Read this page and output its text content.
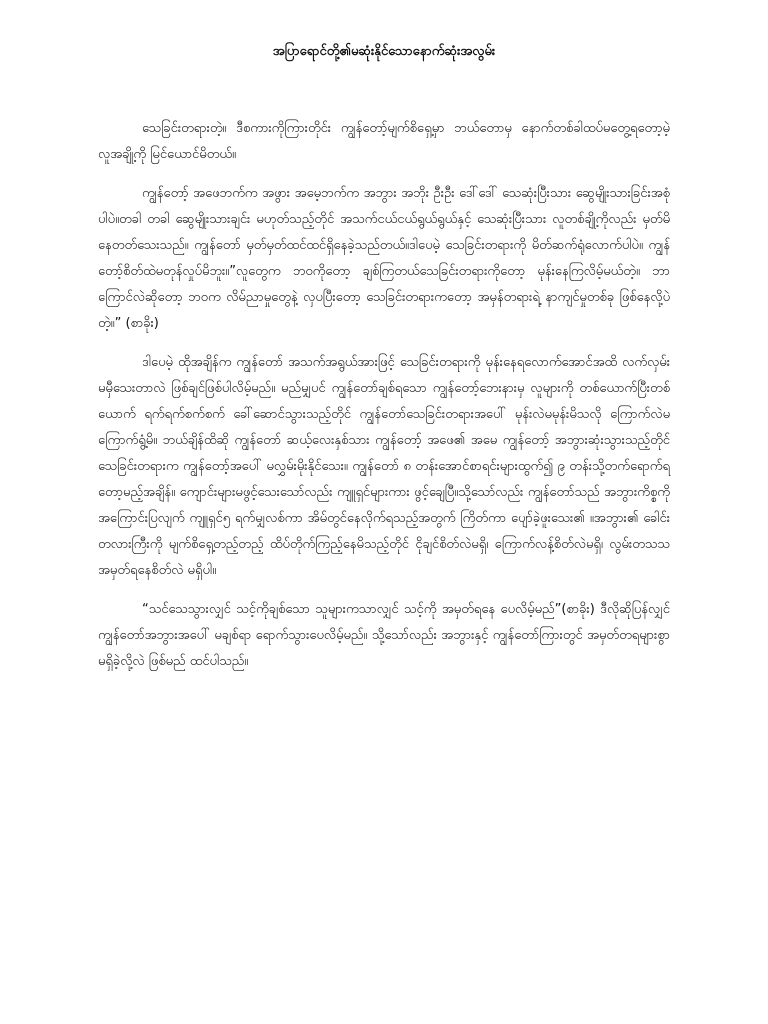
အပြာရောင်တို့၏မဆုံးနိုင်သောနောက်ဆုံးအလွမ်း

သေခြင်းတရားတဲ့။ ဒီစကားကိုကြားတိုင်း ကျွန်တော့်မျက်စိရှေ့မှာ ဘယ်တောမှ နောက်တစ်ခါထပ်မတွေ့ရတော့မဲ့ လူအချို့ကို မြင်ယောင်မိတယ်။

ကျွန်တော့် အဖေဘက်က အဖွား အမေ့ဘက်က အဘွား အဘိုး ဦးဦး ဒေါ်ဒေါ် သေဆုံးပြီးသား ဆွေမျိုးသားခြင်းအစုံပါပဲ။တခါ တခါ ဆွေမျိုးသားချင်း မဟုတ်သည့်တိုင် အသက်ငယ်ငယ်ရွယ်ရွယ်နှင့် သေဆုံးပြီးသား လူတစ်ချို့ကိုလည်း မှတ်မိနေတတ်သေးသည်။ ကျွန်တော် မှတ်မှတ်ထင်ထင်ရှိနေခဲ့သည်တယ်။ဒါပေမဲ့ သေခြင်းတရားကို မိတ်ဆက်ရုံလောက်ပါပဲ။ ကျွန်တော့်စိတ်ထဲမတုန်လှုပ်မိဘူး။”လူတွေက ဘဝကိုတော့ ချစ်ကြတယ်သေခြင်းတရားကိုတော့ မုန်းနေကြလိမ့်မယ်တဲ့။ ဘာကြောင်လဲဆိုတော့ ဘဝက လိမ်ညာမှုတွေနဲ့ လှပပြီးတော့ သေခြင်းတရားကတော့ အမှန်တရားရဲ့ နာကျင်မှုတစ်ခု ဖြစ်နေလို့ပဲတဲ့။” (စာခိုး)

ဒါပေမဲ့ ထိုအချိန်က ကျွန်တော် အသက်အရွယ်အားဖြင့် သေခြင်းတရားကို မုန်းနေရလောက်အောင်အထိ လက်လှမ်းမမှီသေးတာလဲ ဖြစ်ချင်ဖြစ်ပါလိမ့်မည်။ မည်မျှပင် ကျွန်တော်ချစ်ရသော ကျွန်တော့်ဘေးနားမှ လူများကို တစ်ယောက်ပြီးတစ်ယောက် ရက်ရက်စက်စက် ခေါ်ဆောင်သွားသည့်တိုင် ကျွန်တော်သေခြင်းတရားအပေါ် မုန်းလဲမမုန်းမိသလို ကြောက်လဲမကြောက်ရွံ့မိ။ ဘယ်ချိန်ထိဆို ကျွန်တော် ဆယ့်လေးနှစ်သား ကျွန်တော့် အဖေ၏ အမေ ကျွန်တော့် အဘွားဆုံးသွားသည့်တိုင် သေခြင်းတရားက ကျွန်တော့်အပေါ် မလွှမ်းမိုးနိုင်သေး။ ကျွန်တော် ၈ တန်းအောင်စာရင်းများထွက်၍ ၉ တန်းသို့တက်ရောက်ရတော့မည့်အချိန်။ ကျောင်းများမဖွင့်သေးသော်လည်း ကျူရှင်များကား ဖွင့်ချေပြီ။သို့သော်လည်း ကျွန်တော်သည် အဘွားကိစ္စကို အကြောင်းပြလျက် ကျူရှင်၅ ရက်မျှလစ်ကာ အိမ်တွင်နေလိုက်ရသည့်အတွက် ကြိတ်ကာ ပျော်ခဲ့ဖူးသေး၏ ။အဘွား၏ ခေါင်းတလားကြီးကို မျက်စိရှေ့တည့်တည့် ထိပ်တိုက်ကြည့်နေမိသည့်တိုင် ငိုချင်စိတ်လဲမရှိ၊ ကြောက်လန့်စိတ်လဲမရှိ၊ လွမ်းတသသ အမှတ်ရနေစိတ်လဲ မရှိပါ။

“သင်သေသွားလျှင် သင့်ကိုချစ်သော သူများကသာလျှင် သင့်ကို အမှတ်ရနေ ပေလိမ့်မည်”(စာခိုး) ဒီလိုဆိုပြန်လျှင် ကျွန်တော်အဘွားအပေါ် မချစ်ရာ ရောက်သွားပေလိမ့်မည်။ သို့သော်လည်း အဘွားနှင့် ကျွန်တော်ကြားတွင် အမှတ်တရများစွာ မရှိခဲ့လို့လဲ ဖြစ်မည် ထင်ပါသည်။
